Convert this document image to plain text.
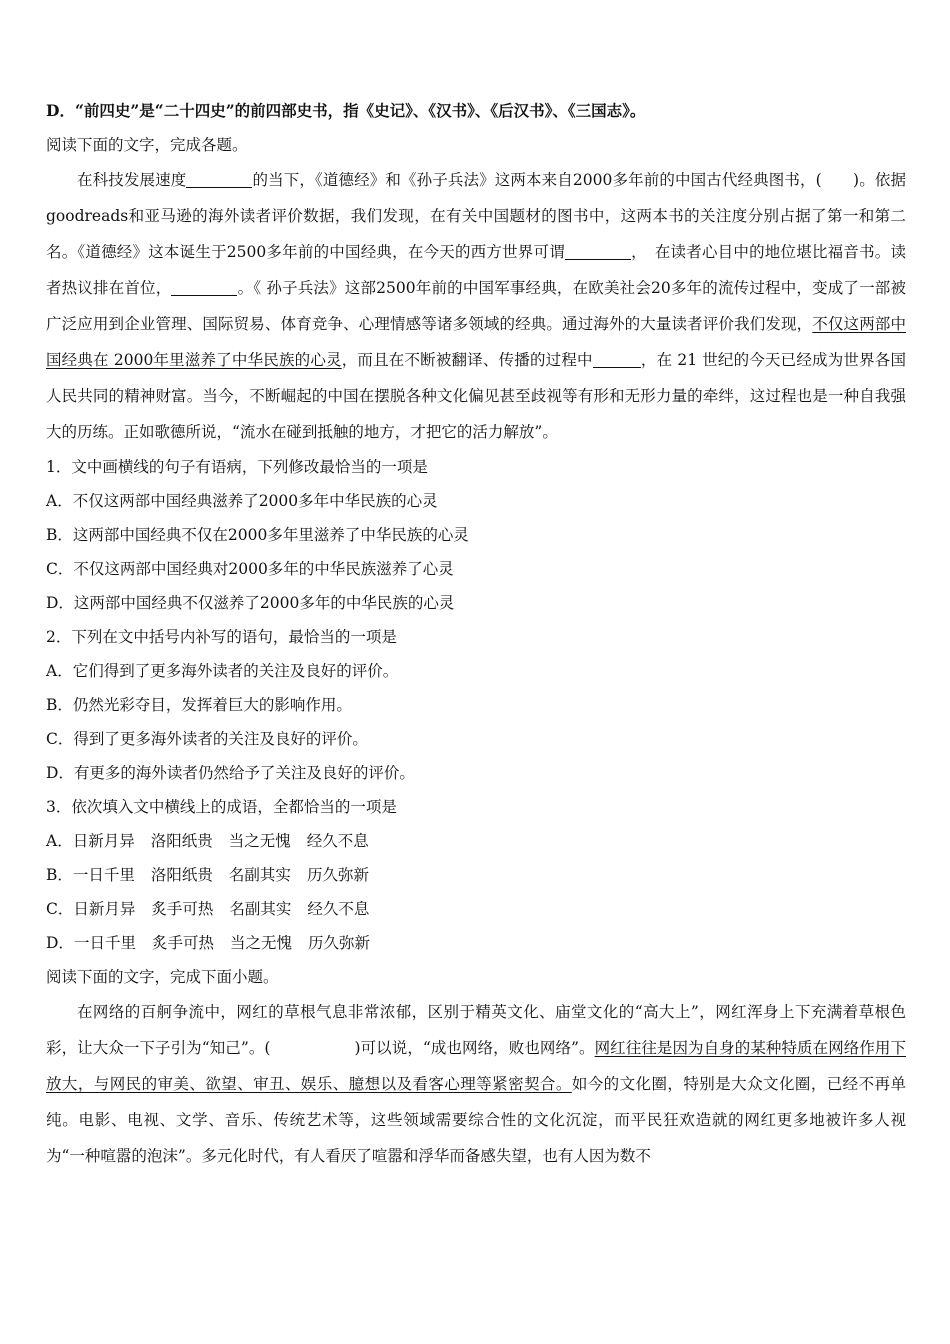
D．“前四史”是“二十四史”的前四部史书，指《史记》、《汉书》、《后汉书》、《三国志》。
阅读下面的文字，完成各题。
在科技发展速度	的当下，《道德经》和《孙子兵法》这两本来自2000多年前的中国古代经典图书，(　　)。依据goodreads和亚马逊的海外读者评价数据，我们发现，在有关中国题材的图书中，这两本书的关注度分别占据了第一和第二名。《道德经》这本诞生于2500多年前的中国经典，在今天的西方世界可谓	，　在读者心目中的地位堪比福音书。读者热议排在首位，	。《 孙子兵法》这部2500年前的中国军事经典，在欧美社会20多年的流传过程中，变成了一部被广泛应用到企业管理、国际贸易、体育竞争、心理情感等诸多领域的经典。通过海外的大量读者评价我们发现，不仅这两部中国经典在 2000年里滋养了中华民族的心灵，而且在不断被翻译、传播的过程中	，在 21 世纪的今天已经成为世界各国人民共同的精神财富。当今，不断崛起的中国在摆脱各种文化偏见甚至歧视等有形和无形力量的牵绊，这过程也是一种自我强大的历练。正如歌德所说，“流水在碰到抵触的地方，才把它的活力解放”。
1．文中画横线的句子有语病，下列修改最恰当的一项是
A．不仅这两部中国经典滋养了2000多年中华民族的心灵
B．这两部中国经典不仅在2000多年里滋养了中华民族的心灵
C．不仅这两部中国经典对2000多年的中华民族滋养了心灵
D．这两部中国经典不仅滋养了2000多年的中华民族的心灵
2．下列在文中括号内补写的语句，最恰当的一项是
A．它们得到了更多海外读者的关注及良好的评价。
B．仍然光彩夺目，发挥着巨大的影响作用。
C．得到了更多海外读者的关注及良好的评价。
D．有更多的海外读者仍然给予了关注及良好的评价。
3．依次填入文中横线上的成语，全都恰当的一项是
A．日新月异 洛阳纸贵 当之无愧 经久不息
B．一日千里 洛阳纸贵 名副其实 历久弥新
C．日新月异 炙手可热 名副其实 经久不息
D．一日千里 炙手可热 当之无愧 历久弥新
阅读下面的文字，完成下面小题。
在网络的百舸争流中，网红的草根气息非常浓郁，区别于精英文化、庙堂文化的“高大上”，网红浑身上下充满着草根色彩，让大众一下子引为“知己”。(	)可以说，“成也网络，败也网络”。网红往往是因为自身的某种特质在网络作用下放大，与网民的审美、欲望、审丑、娱乐、臆想以及看客心理等紧密契合。如今的文化圈，特别是大众文化圈，已经不再单纯。电影、电视、文学、音乐、传统艺术等，这些领域需要综合性的文化沉淀，而平民狂欢造就的网红更多地被许多人视为“一种喧嚣的泡沫”。多元化时代，有人看厌了喧嚣和浮华而备感失望，也有人因为数不
